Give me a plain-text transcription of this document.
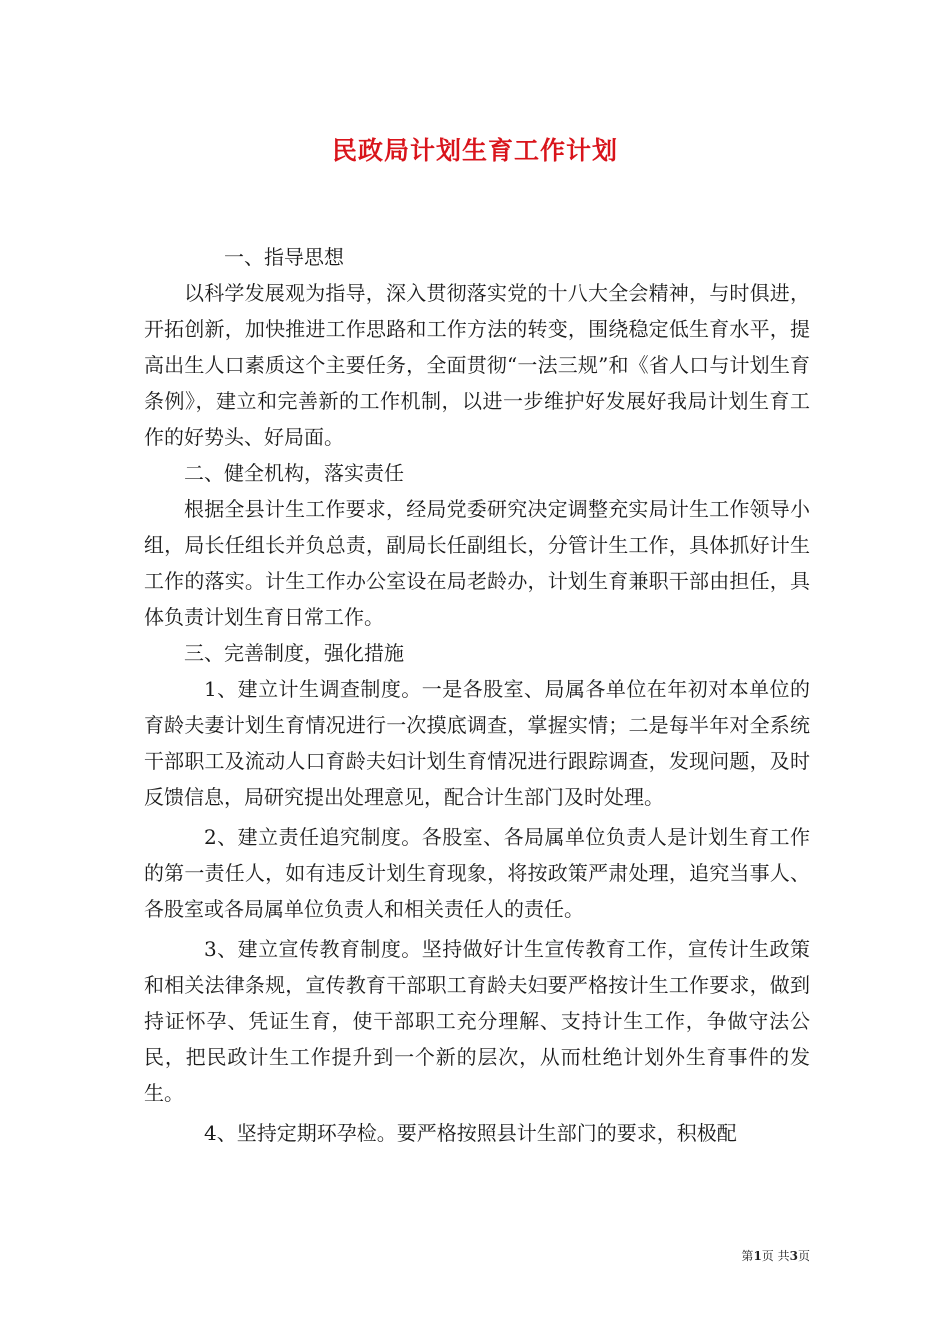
民政局计划生育工作计划

一、指导思想

以科学发展观为指导，深入贯彻落实党的十八大全会精神，与时俱进，开拓创新，加快推进工作思路和工作方法的转变，围绕稳定低生育水平，提高出生人口素质这个主要任务，全面贯彻“一法三规”和《省人口与计划生育条例》，建立和完善新的工作机制，以进一步维护好发展好我局计划生育工作的好势头、好局面。

二、健全机构，落实责任

根据全县计生工作要求，经局党委研究决定调整充实局计生工作领导小组，局长任组长并负总责，副局长任副组长，分管计生工作，具体抓好计生工作的落实。计生工作办公室设在局老龄办，计划生育兼职干部由担任，具体负责计划生育日常工作。

三、完善制度，强化措施

1、建立计生调查制度。一是各股室、局属各单位在年初对本单位的育龄夫妻计划生育情况进行一次摸底调查，掌握实情；二是每半年对全系统干部职工及流动人口育龄夫妇计划生育情况进行跟踪调查，发现问题，及时反馈信息，局研究提出处理意见，配合计生部门及时处理。

2、建立责任追究制度。各股室、各局属单位负责人是计划生育工作的第一责任人，如有违反计划生育现象，将按政策严肃处理，追究当事人、各股室或各局属单位负责人和相关责任人的责任。

3、建立宣传教育制度。坚持做好计生宣传教育工作，宣传计生政策和相关法律条规，宣传教育干部职工育龄夫妇要严格按计生工作要求，做到持证怀孕、凭证生育，使干部职工充分理解、支持计生工作，争做守法公民，把民政计生工作提升到一个新的层次，从而杜绝计划外生育事件的发生。

4、坚持定期环孕检。要严格按照县计生部门的要求，积极配

第1页 共3页
